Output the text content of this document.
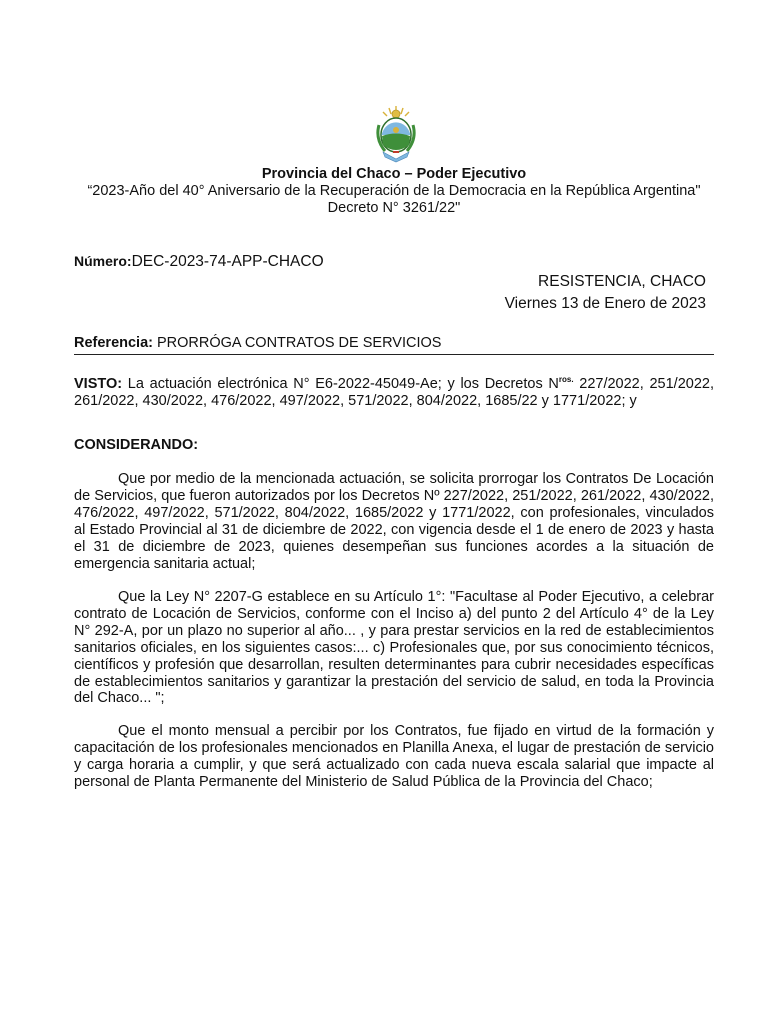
Provincia del Chaco – Poder Ejecutivo
“2023-Año del 40° Aniversario de la Recuperación de la Democracia en la República Argentina" Decreto N° 3261/22"
Número:DEC-2023-74-APP-CHACO
RESISTENCIA, CHACO
Viernes 13 de Enero de 2023
Referencia: PRORRÓGA CONTRATOS DE SERVICIOS
VISTO: La actuación electrónica N° E6-2022-45049-Ae; y los Decretos $N^{ros.}$ 227/2022, 251/2022, 261/2022, 430/2022, 476/2022, 497/2022, 571/2022, 804/2022, 1685/22 y 1771/2022; y
CONSIDERANDO:
Que por medio de la mencionada actuación, se solicita prorrogar los Contratos De Locación de Servicios, que fueron autorizados por los Decretos Nº 227/2022, 251/2022, 261/2022, 430/2022, 476/2022, 497/2022, 571/2022, 804/2022, 1685/2022 y 1771/2022, con profesionales, vinculados al Estado Provincial al 31 de diciembre de 2022, con vigencia desde el 1 de enero de 2023 y hasta el 31 de diciembre de 2023, quienes desempeñan sus funciones acordes a la situación de emergencia sanitaria actual;
Que la Ley N° 2207-G establece en su Artículo 1°: "Facultase al Poder Ejecutivo, a celebrar contrato de Locación de Servicios, conforme con el Inciso a) del punto 2 del Artículo 4° de la Ley N° 292-A, por un plazo no superior al año... , y para prestar servicios en la red de establecimientos sanitarios oficiales, en los siguientes casos:... c) Profesionales que, por sus conocimiento técnicos, científicos y profesión que desarrollan, resulten determinantes para cubrir necesidades específicas de establecimientos sanitarios y garantizar la prestación del servicio de salud, en toda la Provincia del Chaco... ";
Que el monto mensual a percibir por los Contratos, fue fijado en virtud de la formación y capacitación de los profesionales mencionados en Planilla Anexa, el lugar de prestación de servicio y carga horaria a cumplir, y que será actualizado con cada nueva escala salarial que impacte al personal de Planta Permanente del Ministerio de Salud Pública de la Provincia del Chaco;
